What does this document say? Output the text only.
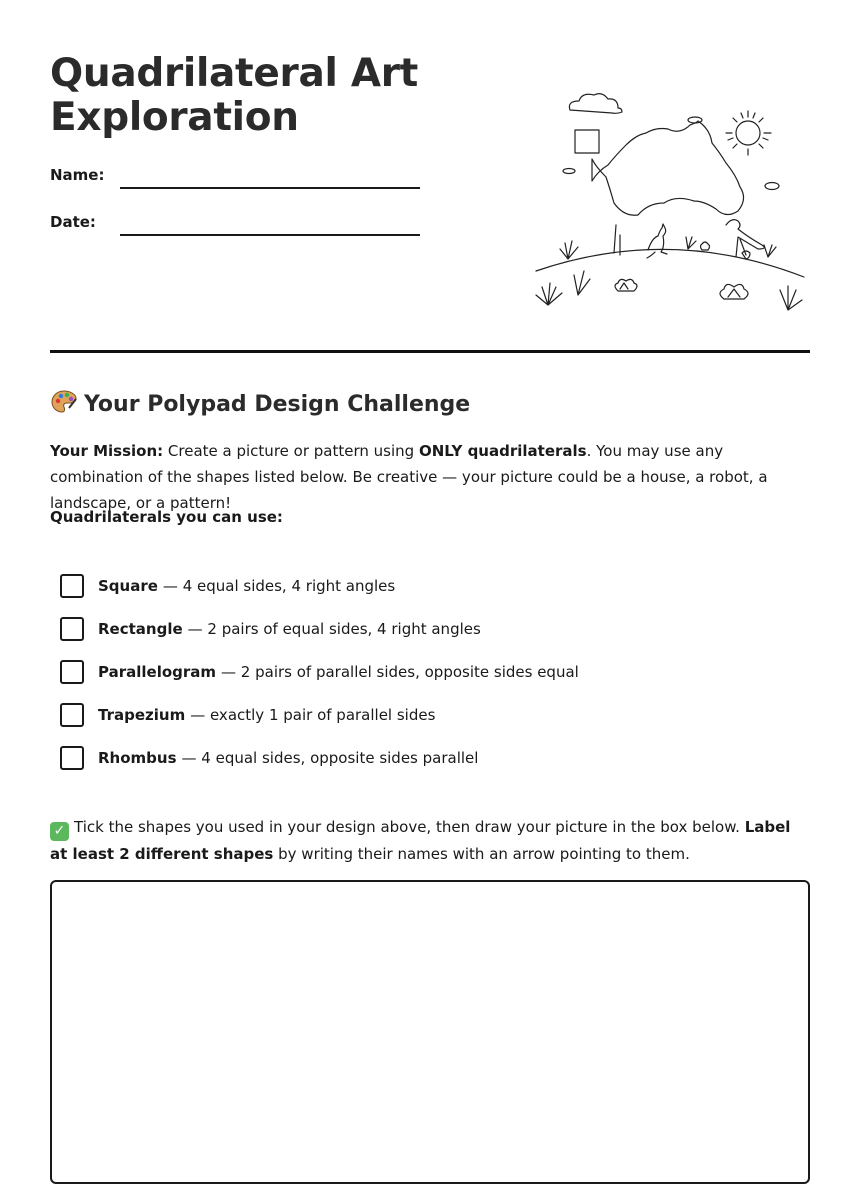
Quadrilateral Art Exploration
Name:
Date:
Your Polypad Design Challenge
Your Mission: Create a picture or pattern using ONLY quadrilaterals. You may use any combination of the shapes listed below. Be creative — your picture could be a house, a robot, a landscape, or a pattern!
Quadrilaterals you can use:
Square — 4 equal sides, 4 right angles
Rectangle — 2 pairs of equal sides, 4 right angles
Parallelogram — 2 pairs of parallel sides, opposite sides equal
Trapezium — exactly 1 pair of parallel sides
Rhombus — 4 equal sides, opposite sides parallel
✓ Tick the shapes you used in your design above, then draw your picture in the box below. Label at least 2 different shapes by writing their names with an arrow pointing to them.
